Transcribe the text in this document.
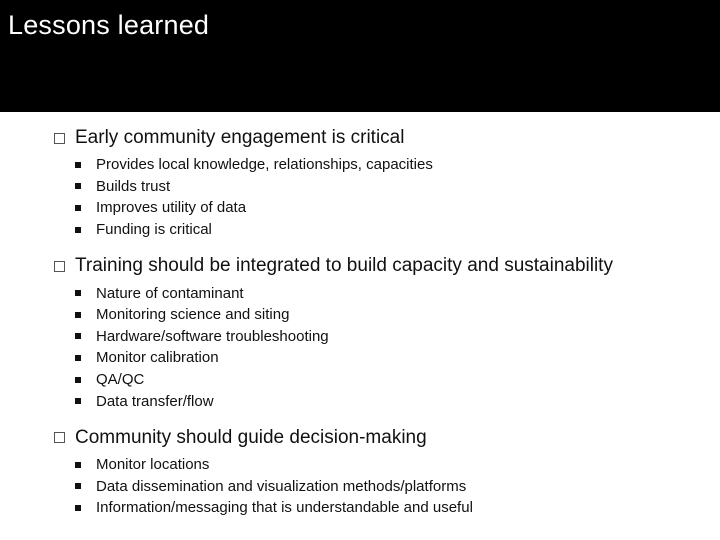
Lessons learned
Early community engagement is critical
Provides local knowledge, relationships, capacities
Builds trust
Improves utility of data
Funding is critical
Training should be integrated to build capacity and sustainability
Nature of contaminant
Monitoring science and siting
Hardware/software troubleshooting
Monitor calibration
QA/QC
Data transfer/flow
Community should guide decision-making
Monitor locations
Data dissemination and visualization methods/platforms
Information/messaging that is understandable and useful
